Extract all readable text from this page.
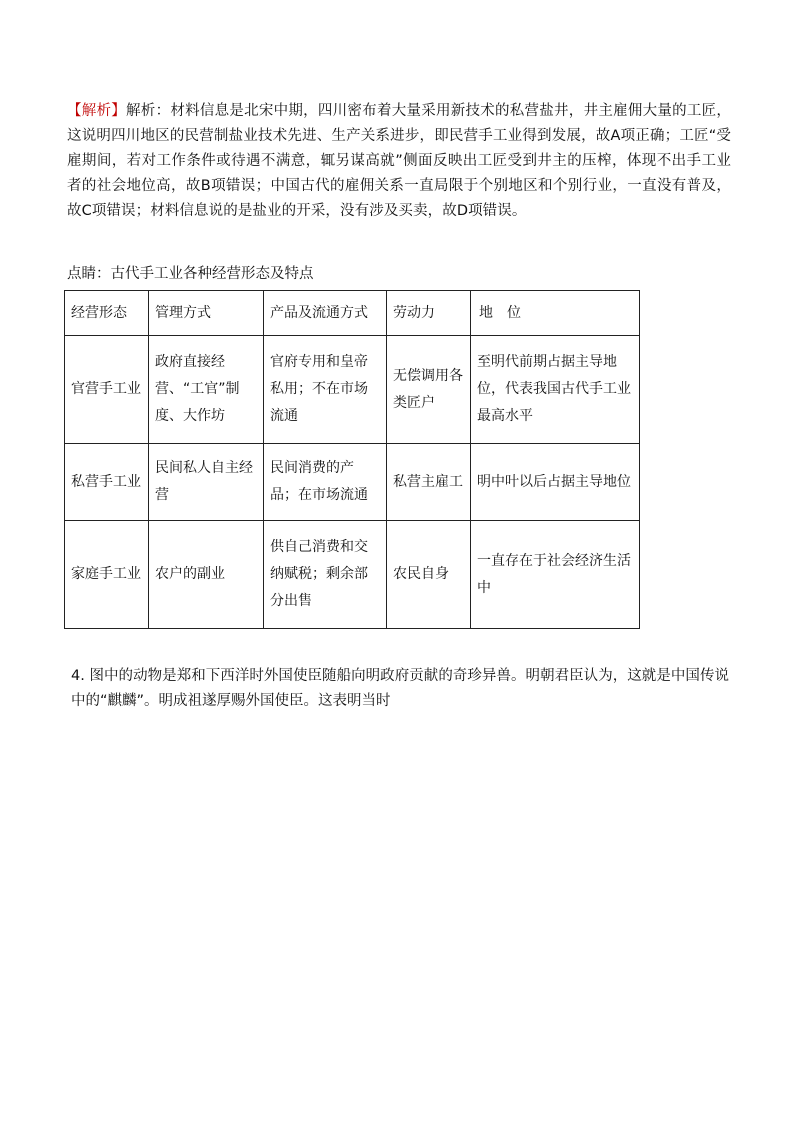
【解析】解析：材料信息是北宋中期，四川密布着大量采用新技术的私营盐井，井主雇佣大量的工匠，这说明四川地区的民营制盐业技术先进、生产关系进步，即民营手工业得到发展，故A项正确；工匠“受雇期间，若对工作条件或待遇不满意，辄另谋高就”侧面反映出工匠受到井主的压榨，体现不出手工业者的社会地位高，故B项错误；中国古代的雇佣关系一直局限于个别地区和个别行业，一直没有普及，故C项错误；材料信息说的是盐业的开采，没有涉及买卖，故D项错误。
点睛：古代手工业各种经营形态及特点
经营形态	管理方式	产品及流通方式	劳动力	地　位
官营手工业	政府直接经营、“工官”制度、大作坊	官府专用和皇帝私用；不在市场流通	无偿调用各类匠户	至明代前期占据主导地位，代表我国古代手工业最高水平
私营手工业	民间私人自主经营	民间消费的产品；在市场流通	私营主雇工	明中叶以后占据主导地位
家庭手工业	农户的副业	供自己消费和交纳赋税；剩余部分出售	农民自身	一直存在于社会经济生活中
4. 图中的动物是郑和下西洋时外国使臣随船向明政府贡献的奇珍异兽。明朝君臣认为，这就是中国传说中的“麒麟”。明成祖遂厚赐外国使臣。这表明当时
